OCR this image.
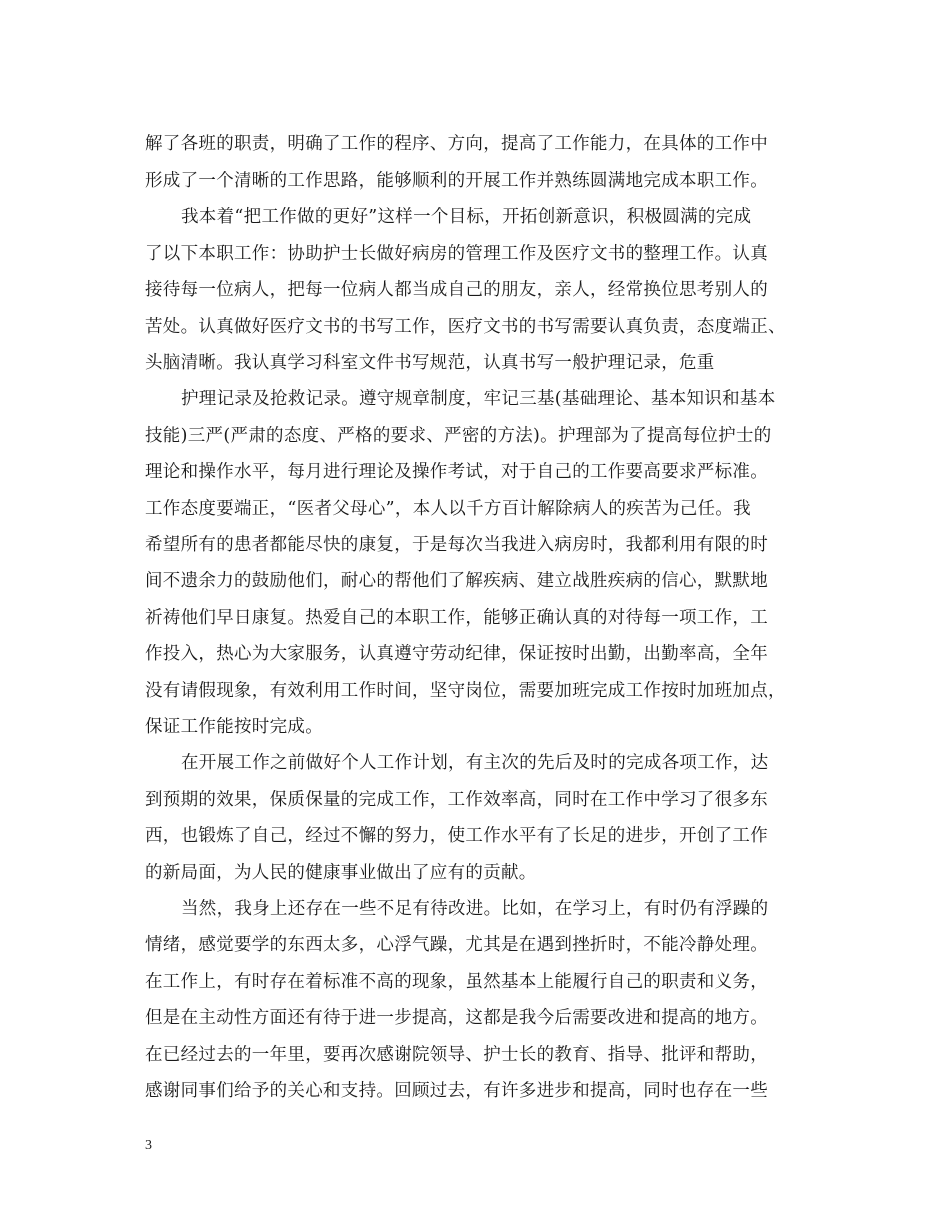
解了各班的职责，明确了工作的程序、方向，提高了工作能力，在具体的工作中
形成了一个清晰的工作思路，能够顺利的开展工作并熟练圆满地完成本职工作。
我本着“把工作做的更好”这样一个目标，开拓创新意识，积极圆满的完成
了以下本职工作：协助护士长做好病房的管理工作及医疗文书的整理工作。认真
接待每一位病人，把每一位病人都当成自己的朋友，亲人，经常换位思考别人的
苦处。认真做好医疗文书的书写工作，医疗文书的书写需要认真负责，态度端正、
头脑清晰。我认真学习科室文件书写规范，认真书写一般护理记录，危重
护理记录及抢救记录。遵守规章制度，牢记三基(基础理论、基本知识和基本
技能)三严(严肃的态度、严格的要求、严密的方法)。护理部为了提高每位护士的
理论和操作水平，每月进行理论及操作考试，对于自己的工作要高要求严标准。
工作态度要端正，“医者父母心”，本人以千方百计解除病人的疾苦为己任。我
希望所有的患者都能尽快的康复，于是每次当我进入病房时，我都利用有限的时
间不遗余力的鼓励他们，耐心的帮他们了解疾病、建立战胜疾病的信心，默默地
祈祷他们早日康复。热爱自己的本职工作，能够正确认真的对待每一项工作，工
作投入，热心为大家服务，认真遵守劳动纪律，保证按时出勤，出勤率高，全年
没有请假现象，有效利用工作时间，坚守岗位，需要加班完成工作按时加班加点，
保证工作能按时完成。
在开展工作之前做好个人工作计划，有主次的先后及时的完成各项工作，达
到预期的效果，保质保量的完成工作，工作效率高，同时在工作中学习了很多东
西，也锻炼了自己，经过不懈的努力，使工作水平有了长足的进步，开创了工作
的新局面，为人民的健康事业做出了应有的贡献。
当然，我身上还存在一些不足有待改进。比如，在学习上，有时仍有浮躁的
情绪，感觉要学的东西太多，心浮气躁，尤其是在遇到挫折时，不能冷静处理。
在工作上，有时存在着标准不高的现象，虽然基本上能履行自己的职责和义务，
但是在主动性方面还有待于进一步提高，这都是我今后需要改进和提高的地方。
在已经过去的一年里，要再次感谢院领导、护士长的教育、指导、批评和帮助，
感谢同事们给予的关心和支持。回顾过去，有许多进步和提高，同时也存在一些
3
